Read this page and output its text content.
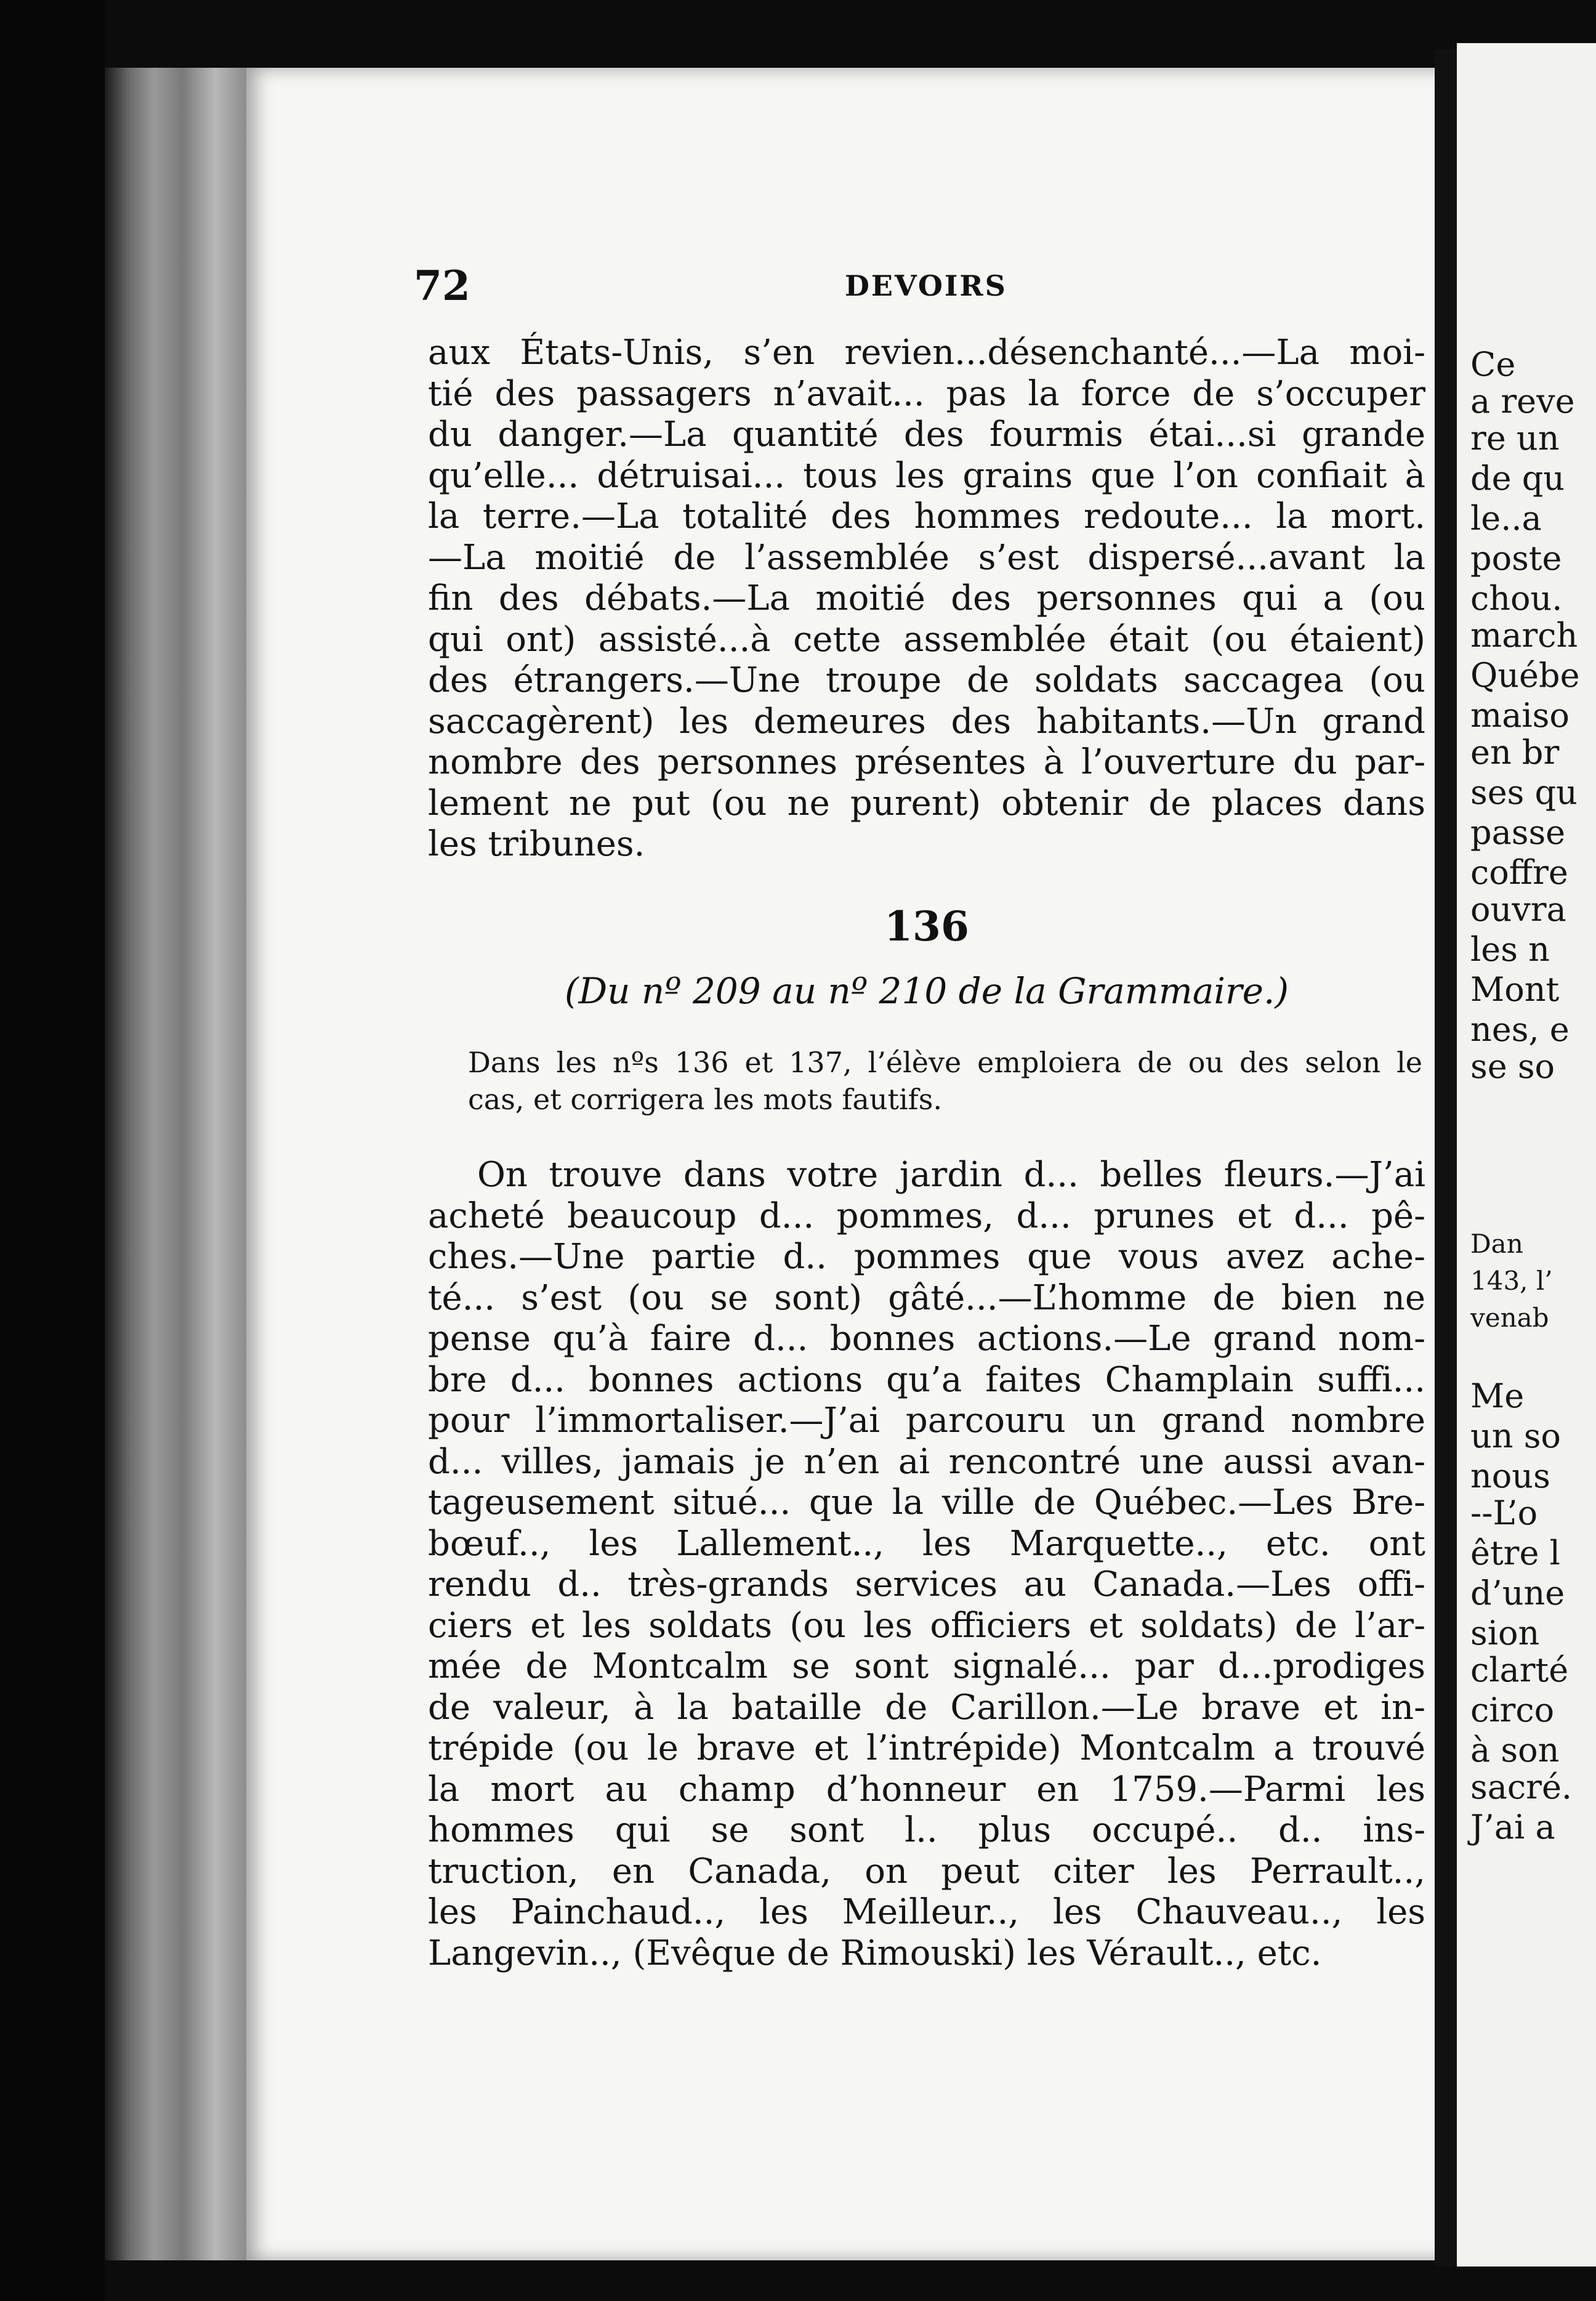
Ce
a reve
re un
de qu
le..a
poste
chou.
march
Québe
maiso
en br
ses qu
passe
coffre
ouvra
les n
Mont
nes, e
se so
Dan
143, l’
venab
Me
un so
nous
--L’o
être l
d’une
sion
clarté
circo
à son
sacré.
J’ai a
72	DEVOIRS
aux États-Unis, s’en revien...désenchanté...—La moi-
tié des passagers n’avait... pas la force de s’occuper
du danger.—La quantité des fourmis étai...si grande
qu’elle... détruisai... tous les grains que l’on confiait à
la terre.—La totalité des hommes redoute... la mort.
—La moitié de l’assemblée s’est dispersé...avant la
fin des débats.—La moitié des personnes qui a (ou
qui ont) assisté...à cette assemblée était (ou étaient)
des étrangers.—Une troupe de soldats saccagea (ou
saccagèrent) les demeures des habitants.—Un grand
nombre des personnes présentes à l’ouverture du par-
lement ne put (ou ne purent) obtenir de places dans
les tribunes.
136
(Du nº 209 au nº 210 de la Grammaire.)
Dans les nºs 136 et 137, l’élève emploiera de ou des selon le
cas, et corrigera les mots fautifs.
On trouve dans votre jardin d... belles fleurs.—J’ai
acheté beaucoup d... pommes, d... prunes et d... pê-
ches.—Une partie d.. pommes que vous avez ache-
té... s’est (ou se sont) gâté...—L’homme de bien ne
pense qu’à faire d... bonnes actions.—Le grand nom-
bre d... bonnes actions qu’a faites Champlain suffi...
pour l’immortaliser.—J’ai parcouru un grand nombre
d... villes, jamais je n’en ai rencontré une aussi avan-
tageusement situé... que la ville de Québec.—Les Bre-
bœuf.., les Lallement.., les Marquette.., etc. ont
rendu d.. très-grands services au Canada.—Les offi-
ciers et les soldats (ou les officiers et soldats) de l’ar-
mée de Montcalm se sont signalé... par d...prodiges
de valeur, à la bataille de Carillon.—Le brave et in-
trépide (ou le brave et l’intrépide) Montcalm a trouvé
la mort au champ d’honneur en 1759.—Parmi les
hommes qui se sont l.. plus occupé.. d.. ins-
truction, en Canada, on peut citer les Perrault..,
les Painchaud.., les Meilleur.., les Chauveau.., les
Langevin.., (Evêque de Rimouski) les Vérault.., etc.
